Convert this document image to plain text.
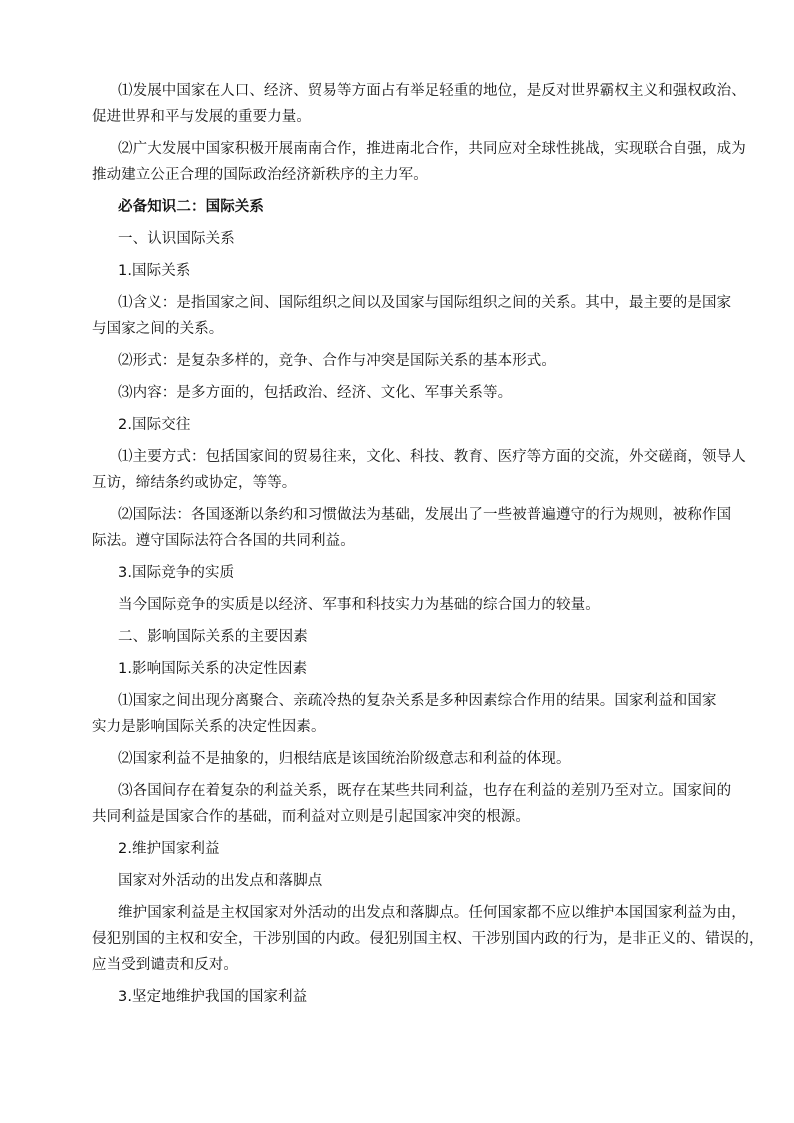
⑴发展中国家在人口、经济、贸易等方面占有举足轻重的地位，是反对世界霸权主义和强权政治、
促进世界和平与发展的重要力量。
⑵广大发展中国家积极开展南南合作，推进南北合作，共同应对全球性挑战，实现联合自强，成为
推动建立公正合理的国际政治经济新秩序的主力军。
必备知识二：国际关系
一、认识国际关系
1.国际关系
⑴含义：是指国家之间、国际组织之间以及国家与国际组织之间的关系。其中，最主要的是国家
与国家之间的关系。
⑵形式：是复杂多样的，竞争、合作与冲突是国际关系的基本形式。
⑶内容：是多方面的，包括政治、经济、文化、军事关系等。
2.国际交往
⑴主要方式：包括国家间的贸易往来，文化、科技、教育、医疗等方面的交流，外交磋商，领导人
互访，缔结条约或协定，等等。
⑵国际法：各国逐渐以条约和习惯做法为基础，发展出了一些被普遍遵守的行为规则，被称作国
际法。遵守国际法符合各国的共同利益。
3.国际竞争的实质
当今国际竞争的实质是以经济、军事和科技实力为基础的综合国力的较量。
二、影响国际关系的主要因素
1.影响国际关系的决定性因素
⑴国家之间出现分离聚合、亲疏冷热的复杂关系是多种因素综合作用的结果。国家利益和国家
实力是影响国际关系的决定性因素。
⑵国家利益不是抽象的，归根结底是该国统治阶级意志和利益的体现。
⑶各国间存在着复杂的利益关系，既存在某些共同利益，也存在利益的差别乃至对立。国家间的
共同利益是国家合作的基础，而利益对立则是引起国家冲突的根源。
2.维护国家利益
国家对外活动的出发点和落脚点
维护国家利益是主权国家对外活动的出发点和落脚点。任何国家都不应以维护本国国家利益为由，
侵犯别国的主权和安全，干涉别国的内政。侵犯别国主权、干涉别国内政的行为，是非正义的、错误的，
应当受到谴责和反对。
3.坚定地维护我国的国家利益
